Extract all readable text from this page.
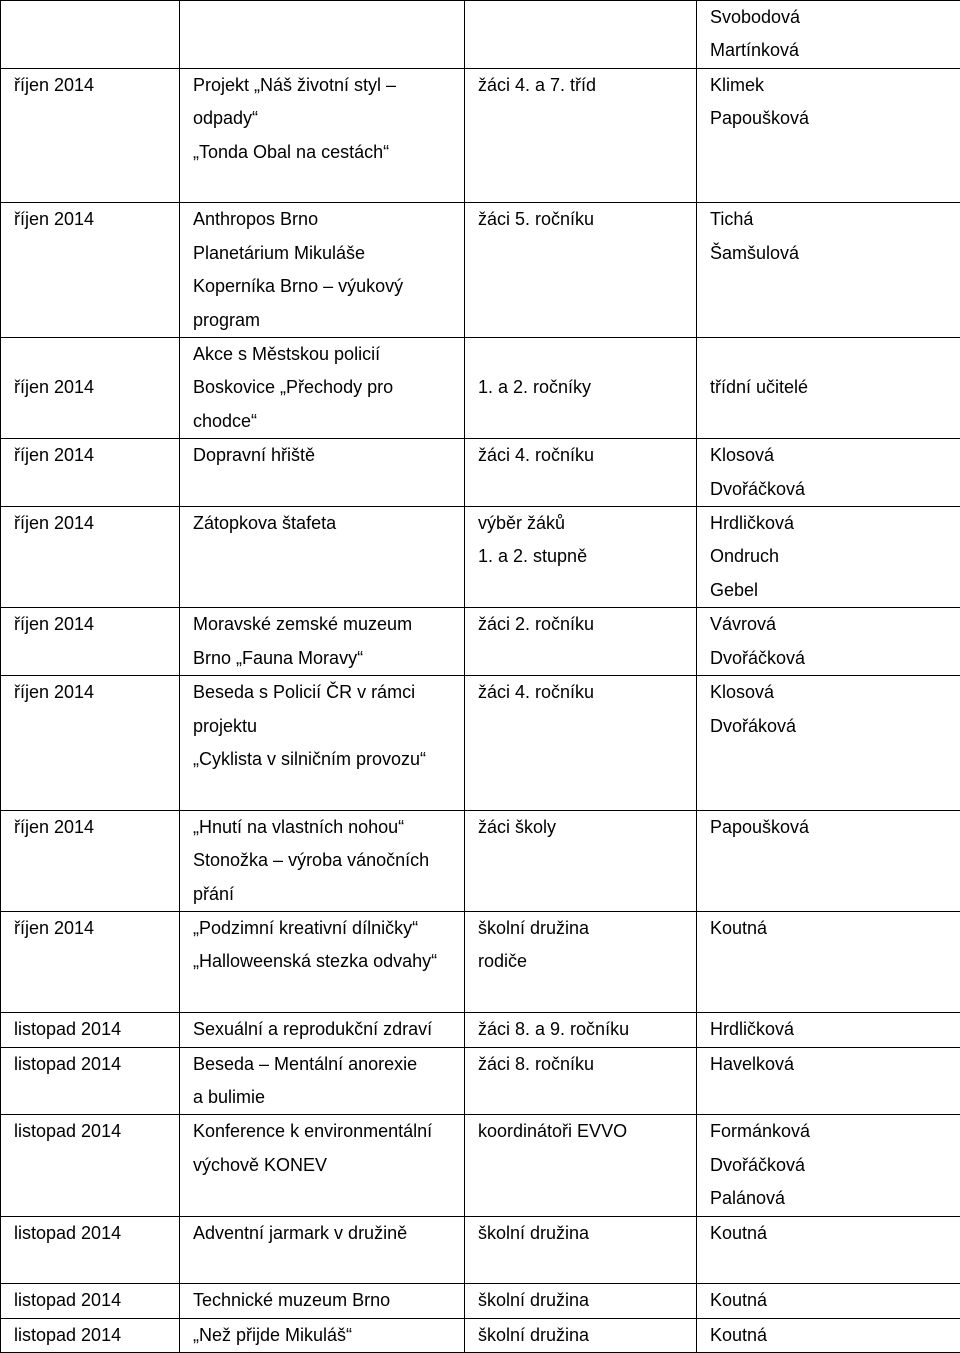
			Svobodová
Martínková

říjen 2014	Projekt „Náš životní styl –
odpady“
„Tonda Obal na cestách“	žáci 4. a 7. tříd	Klimek
Papoušková

říjen 2014	Anthropos Brno
Planetárium Mikuláše
Koperníka Brno – výukový
program	žáci 5. ročníku	Tichá
Šamšulová

říjen 2014	Akce s Městskou policií
Boskovice „Přechody pro
chodce“	1. a 2. ročníky	třídní učitelé

říjen 2014	Dopravní hřiště	žáci 4. ročníku	Klosová
Dvořáčková

říjen 2014	Zátopkova štafeta	výběr žáků
1. a 2. stupně	Hrdličková
Ondruch
Gebel

říjen 2014	Moravské zemské muzeum
Brno „Fauna Moravy“	žáci 2. ročníku	Vávrová
Dvořáčková

říjen 2014	Beseda s Policií ČR v rámci
projektu
„Cyklista v silničním provozu“	žáci 4. ročníku	Klosová
Dvořáková

říjen 2014	„Hnutí na vlastních nohou“
Stonožka – výroba vánočních
přání	žáci školy	Papoušková

říjen 2014	„Podzimní kreativní dílničky“
„Halloweenská stezka odvahy“	školní družina
rodiče	Koutná

listopad 2014	Sexuální a reprodukční zdraví	žáci 8. a 9. ročníku	Hrdličková

listopad 2014	Beseda – Mentální anorexie
a bulimie	žáci 8. ročníku	Havelková

listopad 2014	Konference k environmentální
výchově KONEV	koordinátoři EVVO	Formánková
Dvořáčková
Palánová

listopad 2014	Adventní jarmark v družině	školní družina	Koutná

listopad 2014	Technické muzeum Brno	školní družina	Koutná

listopad 2014	„Než přijde Mikuláš“	školní družina	Koutná
